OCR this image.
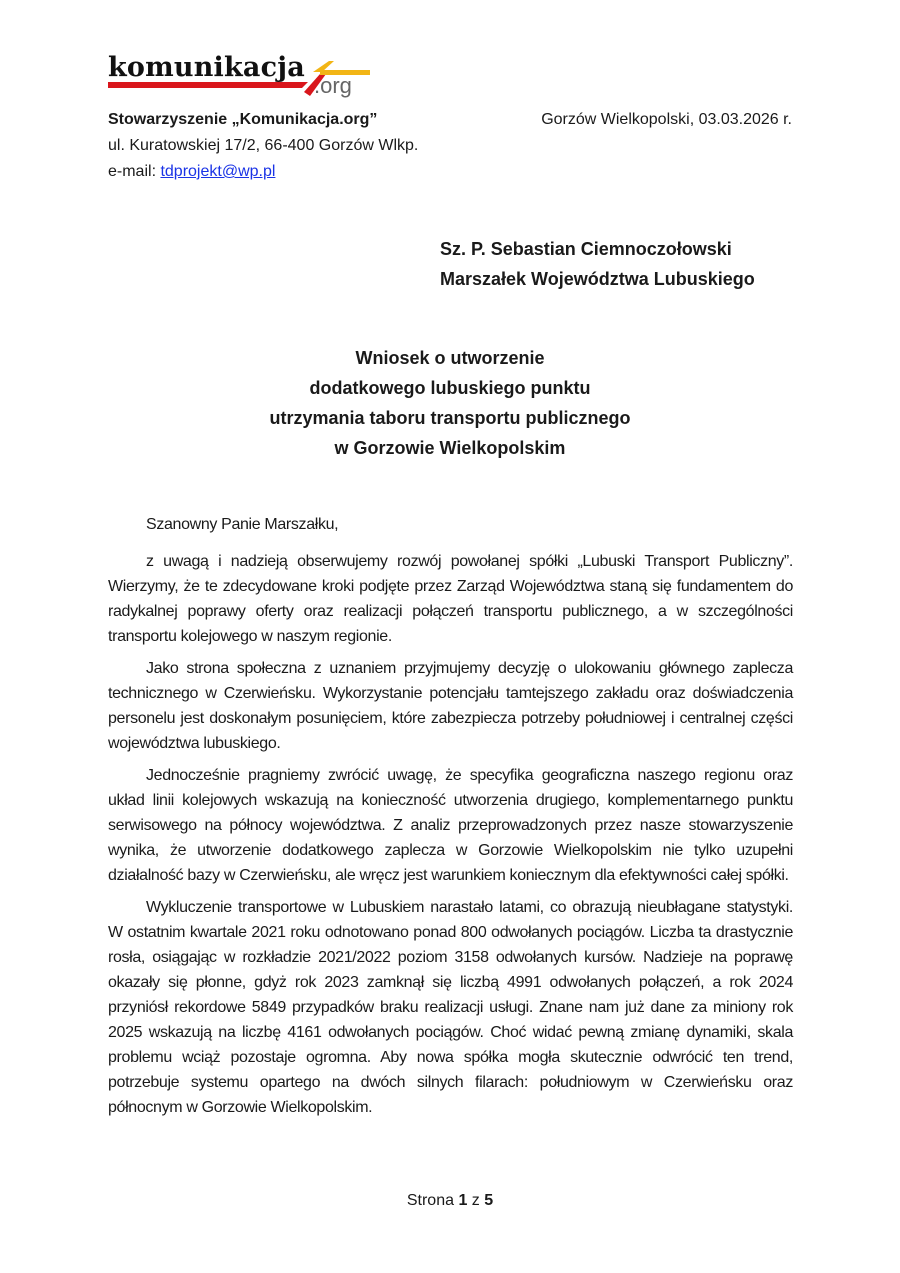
komunikacja
.org
Stowarzyszenie „Komunikacja.org”
ul. Kuratowskiej 17/2, 66-400 Gorzów Wlkp.
e-mail: tdprojekt@wp.pl
Gorzów Wielkopolski, 03.03.2026 r.
Sz. P. Sebastian Ciemnoczołowski
Marszałek Województwa Lubuskiego
Wniosek o utworzenie
dodatkowego lubuskiego punktu
utrzymania taboru transportu publicznego
w Gorzowie Wielkopolskim

Szanowny Panie Marszałku,

z uwagą i nadzieją obserwujemy rozwój powołanej spółki „Lubuski Transport Publiczny”. Wierzymy, że te zdecydowane kroki podjęte przez Zarząd Województwa staną się fundamentem do radykalnej poprawy oferty oraz realizacji połączeń transportu publicznego, a w szczególności transportu kolejowego w naszym regionie.

Jako strona społeczna z uznaniem przyjmujemy decyzję o ulokowaniu głównego zaplecza technicznego w Czerwieńsku. Wykorzystanie potencjału tamtejszego zakładu oraz doświadczenia personelu jest doskonałym posunięciem, które zabezpiecza potrzeby południowej i centralnej części województwa lubuskiego.

Jednocześnie pragniemy zwrócić uwagę, że specyfika geograficzna naszego regionu oraz układ linii kolejowych wskazują na konieczność utworzenia drugiego, komplementarnego punktu serwisowego na północy województwa. Z analiz przeprowadzonych przez nasze stowarzyszenie wynika, że utworzenie dodatkowego zaplecza w Gorzowie Wielkopolskim nie tylko uzupełni działalność bazy w Czerwieńsku, ale wręcz jest warunkiem koniecznym dla efektywności całej spółki.

Wykluczenie transportowe w Lubuskiem narastało latami, co obrazują nieubłagane statystyki. W ostatnim kwartale 2021 roku odnotowano ponad 800 odwołanych pociągów. Liczba ta drastycznie rosła, osiągając w rozkładzie 2021/2022 poziom 3158 odwołanych kursów. Nadzieje na poprawę okazały się płonne, gdyż rok 2023 zamknął się liczbą 4991 odwołanych połączeń, a rok 2024 przyniósł rekordowe 5849 przypadków braku realizacji usługi. Znane nam już dane za miniony rok 2025 wskazują na liczbę 4161 odwołanych pociągów. Choć widać pewną zmianę dynamiki, skala problemu wciąż pozostaje ogromna. Aby nowa spółka mogła skutecznie odwrócić ten trend, potrzebuje systemu opartego na dwóch silnych filarach: południowym w Czerwieńsku oraz północnym w Gorzowie Wielkopolskim.

Strona 1 z 5
